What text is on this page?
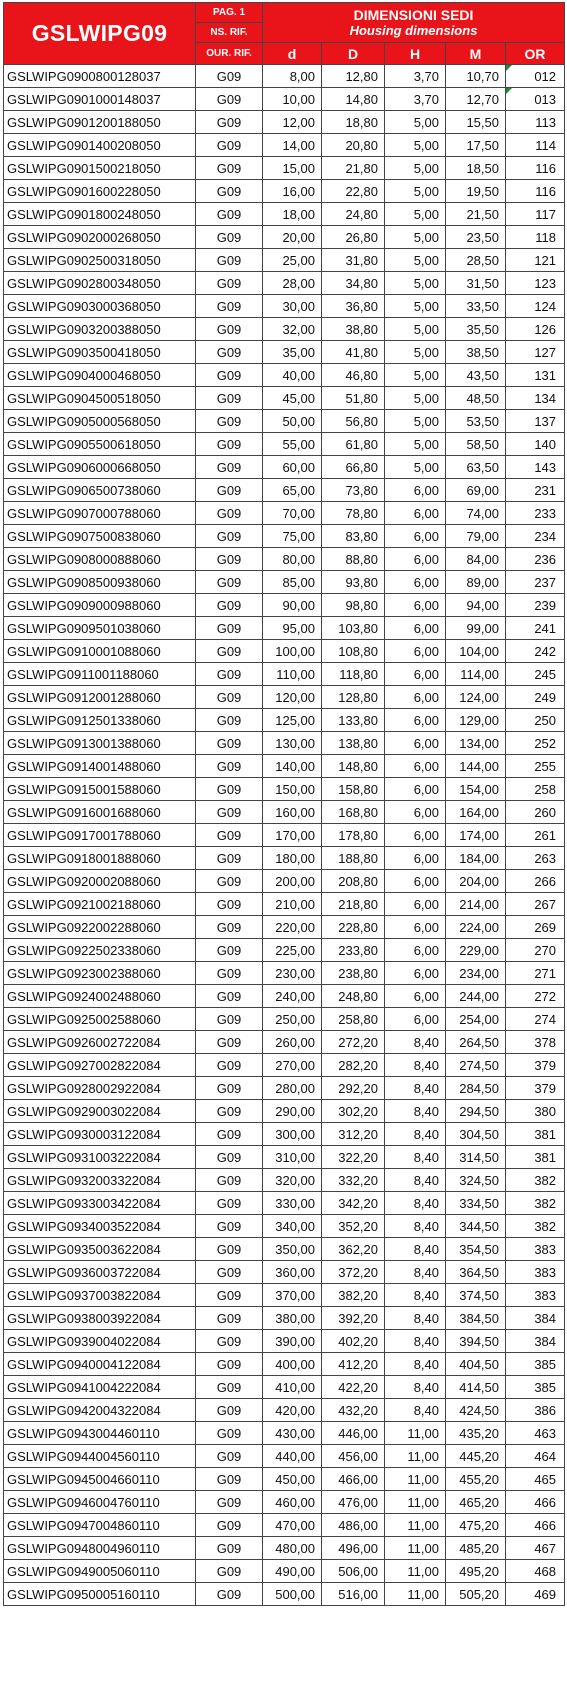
GSLWIPG09	PAG. 1	DIMENSIONI SEDI
Housing dimensions				

	NS. RIF.					
	OUR. RIF.	d	D	H	M	OR
GSLWIPG0900800128037	G09	8,00	12,80	3,70	10,70	012
GSLWIPG0901000148037	G09	10,00	14,80	3,70	12,70	013
GSLWIPG0901200188050	G09	12,00	18,80	5,00	15,50	113
GSLWIPG0901400208050	G09	14,00	20,80	5,00	17,50	114
GSLWIPG0901500218050	G09	15,00	21,80	5,00	18,50	116
GSLWIPG0901600228050	G09	16,00	22,80	5,00	19,50	116
GSLWIPG0901800248050	G09	18,00	24,80	5,00	21,50	117
GSLWIPG0902000268050	G09	20,00	26,80	5,00	23,50	118
GSLWIPG0902500318050	G09	25,00	31,80	5,00	28,50	121
GSLWIPG0902800348050	G09	28,00	34,80	5,00	31,50	123
GSLWIPG0903000368050	G09	30,00	36,80	5,00	33,50	124
GSLWIPG0903200388050	G09	32,00	38,80	5,00	35,50	126
GSLWIPG0903500418050	G09	35,00	41,80	5,00	38,50	127
GSLWIPG0904000468050	G09	40,00	46,80	5,00	43,50	131
GSLWIPG0904500518050	G09	45,00	51,80	5,00	48,50	134
GSLWIPG0905000568050	G09	50,00	56,80	5,00	53,50	137
GSLWIPG0905500618050	G09	55,00	61,80	5,00	58,50	140
GSLWIPG0906000668050	G09	60,00	66,80	5,00	63,50	143
GSLWIPG0906500738060	G09	65,00	73,80	6,00	69,00	231
GSLWIPG0907000788060	G09	70,00	78,80	6,00	74,00	233
GSLWIPG0907500838060	G09	75,00	83,80	6,00	79,00	234
GSLWIPG0908000888060	G09	80,00	88,80	6,00	84,00	236
GSLWIPG0908500938060	G09	85,00	93,80	6,00	89,00	237
GSLWIPG0909000988060	G09	90,00	98,80	6,00	94,00	239
GSLWIPG0909501038060	G09	95,00	103,80	6,00	99,00	241
GSLWIPG0910001088060	G09	100,00	108,80	6,00	104,00	242
GSLWIPG0911001188060	G09	110,00	118,80	6,00	114,00	245
GSLWIPG0912001288060	G09	120,00	128,80	6,00	124,00	249
GSLWIPG0912501338060	G09	125,00	133,80	6,00	129,00	250
GSLWIPG0913001388060	G09	130,00	138,80	6,00	134,00	252
GSLWIPG0914001488060	G09	140,00	148,80	6,00	144,00	255
GSLWIPG0915001588060	G09	150,00	158,80	6,00	154,00	258
GSLWIPG0916001688060	G09	160,00	168,80	6,00	164,00	260
GSLWIPG0917001788060	G09	170,00	178,80	6,00	174,00	261
GSLWIPG0918001888060	G09	180,00	188,80	6,00	184,00	263
GSLWIPG0920002088060	G09	200,00	208,80	6,00	204,00	266
GSLWIPG0921002188060	G09	210,00	218,80	6,00	214,00	267
GSLWIPG0922002288060	G09	220,00	228,80	6,00	224,00	269
GSLWIPG0922502338060	G09	225,00	233,80	6,00	229,00	270
GSLWIPG0923002388060	G09	230,00	238,80	6,00	234,00	271
GSLWIPG0924002488060	G09	240,00	248,80	6,00	244,00	272
GSLWIPG0925002588060	G09	250,00	258,80	6,00	254,00	274
GSLWIPG0926002722084	G09	260,00	272,20	8,40	264,50	378
GSLWIPG0927002822084	G09	270,00	282,20	8,40	274,50	379
GSLWIPG0928002922084	G09	280,00	292,20	8,40	284,50	379
GSLWIPG0929003022084	G09	290,00	302,20	8,40	294,50	380
GSLWIPG0930003122084	G09	300,00	312,20	8,40	304,50	381
GSLWIPG0931003222084	G09	310,00	322,20	8,40	314,50	381
GSLWIPG0932003322084	G09	320,00	332,20	8,40	324,50	382
GSLWIPG0933003422084	G09	330,00	342,20	8,40	334,50	382
GSLWIPG0934003522084	G09	340,00	352,20	8,40	344,50	382
GSLWIPG0935003622084	G09	350,00	362,20	8,40	354,50	383
GSLWIPG0936003722084	G09	360,00	372,20	8,40	364,50	383
GSLWIPG0937003822084	G09	370,00	382,20	8,40	374,50	383
GSLWIPG0938003922084	G09	380,00	392,20	8,40	384,50	384
GSLWIPG0939004022084	G09	390,00	402,20	8,40	394,50	384
GSLWIPG0940004122084	G09	400,00	412,20	8,40	404,50	385
GSLWIPG0941004222084	G09	410,00	422,20	8,40	414,50	385
GSLWIPG0942004322084	G09	420,00	432,20	8,40	424,50	386
GSLWIPG0943004460110	G09	430,00	446,00	11,00	435,20	463
GSLWIPG0944004560110	G09	440,00	456,00	11,00	445,20	464
GSLWIPG0945004660110	G09	450,00	466,00	11,00	455,20	465
GSLWIPG0946004760110	G09	460,00	476,00	11,00	465,20	466
GSLWIPG0947004860110	G09	470,00	486,00	11,00	475,20	466
GSLWIPG0948004960110	G09	480,00	496,00	11,00	485,20	467
GSLWIPG0949005060110	G09	490,00	506,00	11,00	495,20	468
GSLWIPG0950005160110	G09	500,00	516,00	11,00	505,20	469
